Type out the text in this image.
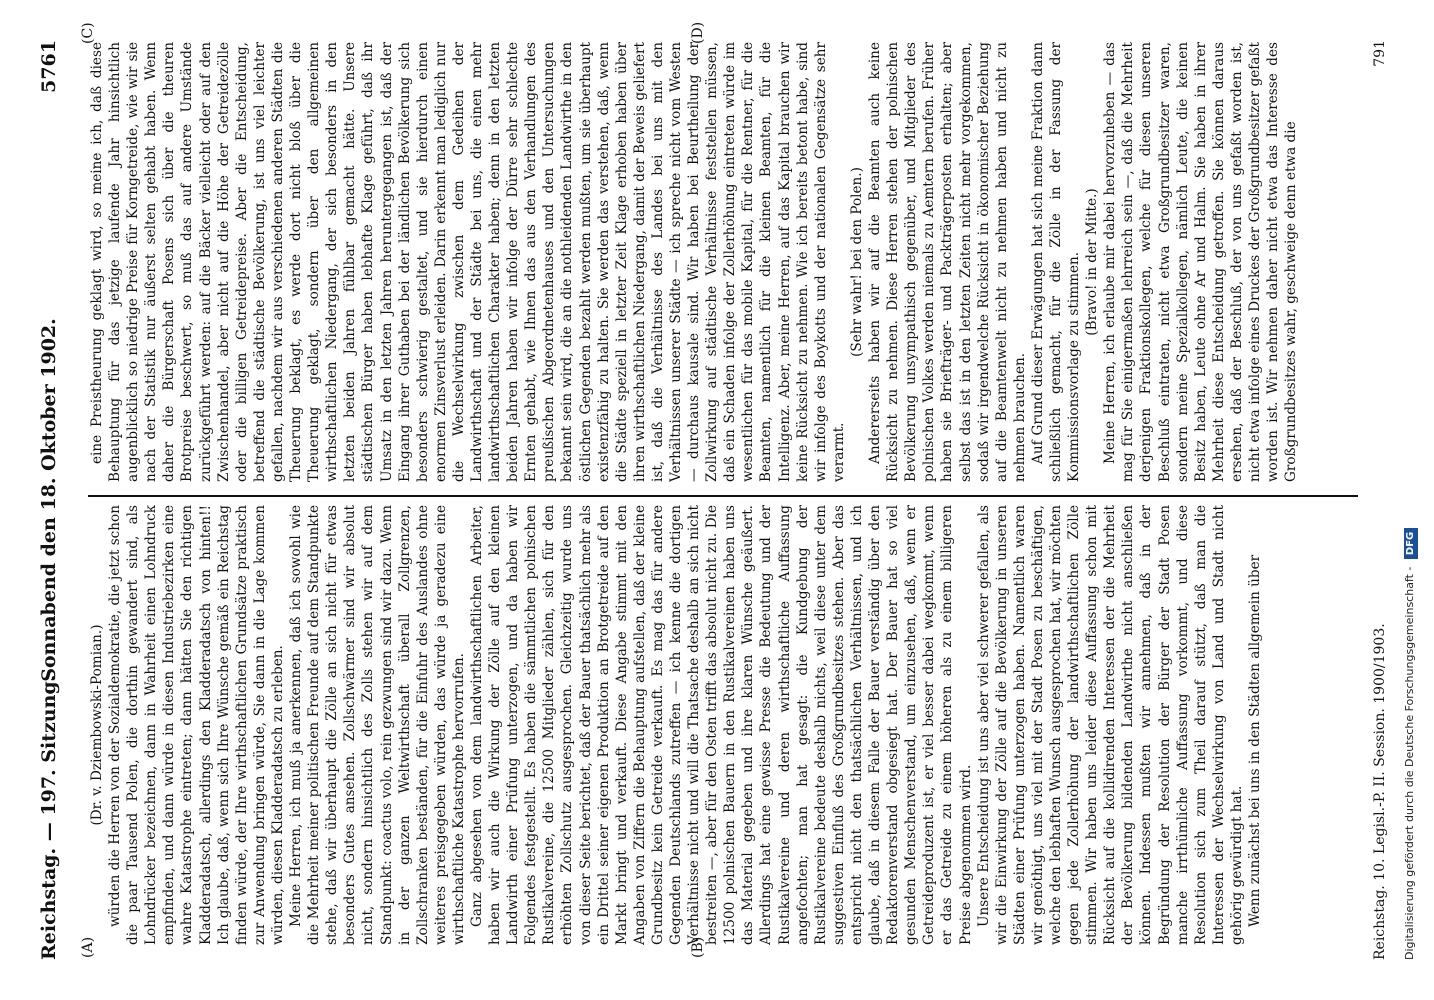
Reichstag. — 197. Sitzung.
Sonnabend den 18. Oktober 1902.
5761
(A)	(B)
(C)	(D)

(Dr. v. Dziembowski-Pomian.) würden die Herren von der Sozialdemokratie, die jetzt schon die paar Tausend Polen, die dorthin gewandert sind, als Lohndrücker bezeichnen, dann in Wahrheit einen Lohndruck empfinden, und dann würde in diesen Industriebezirken eine wahre Katastrophe eintreten; dann hätten Sie den richtigen Kladderadatsch, allerdings den Kladderadatsch von hinten!! Ich glaube, daß, wenn sich Ihre Wünsche gemäß ein Reichstag finden würde, der Ihre wirthschaftlichen Grundsätze praktisch zur Anwendung bringen würde, Sie dann in die Lage kommen würden, diesen Kladderadatsch zu erleben. Meine Herren, ich muß ja anerkennen, daß ich sowohl wie die Mehrheit meiner politischen Freunde auf dem Standpunkte stehe, daß wir überhaupt die Zölle an sich nicht für etwas besonders Gutes ansehen. Zollschwärmer sind wir absolut nicht, sondern hinsichtlich des Zolls stehen wir auf dem Standpunkt: coactus volo, rein gezwungen sind wir dazu. Wenn in der ganzen Weltwirthschaft überall Zollgrenzen, Zollschranken beständen, für die Einfuhr des Auslandes ohne weiteres preisgegeben würden, das würde ja geradezu eine wirthschaftliche Katastrophe hervorrufen. Ganz abgesehen von dem landwirthschaftlichen Arbeiter, haben wir auch die Wirkung der Zölle auf den kleinen Landwirth einer Prüfung unterzogen, und da haben wir Folgendes festgestellt. Es haben die sämmtlichen polnischen Rustikalvereine, die 12500 Mitglieder zählen, sich für den erhöhten Zollschutz ausgesprochen. Gleichzeitig wurde uns von dieser Seite berichtet, daß der Bauer thatsächlich mehr als ein Drittel seiner eigenen Produktion an Brotgetreide auf den Markt bringt und verkauft. Diese Angabe stimmt mit den Angaben von Ziffern die Behauptung aufstellen, daß der kleine Grundbesitz kein Getreide verkauft. Es mag das für andere Gegenden Deutschlands zutreffen — ich kenne die dortigen Verhältnisse nicht und will die Thatsache deshalb an sich nicht bestreiten —, aber für den Osten trifft das absolut nicht zu. Die 12500 polnischen Bauern in den Rustikalvereinen haben uns das Material gegeben und ihre klaren Wünsche geäußert. Allerdings hat eine gewisse Presse die Bedeutung und der Rustikalvereine und deren wirthschaftliche Auffassung angefochten; man hat gesagt: die Kundgebung der Rustikalvereine bedeute deshalb nichts, weil diese unter dem suggestiven Einfluß des Großgrundbesitzes stehen. Aber das entspricht nicht den thatsächlichen Verhältnissen, und ich glaube, daß in diesem Falle der Bauer verständig über den Redaktorenverstand obgesiegt hat. Der Bauer hat so viel gesunden Menschenverstand, um einzusehen, daß, wenn er Getreideproduzent ist, er viel besser dabei wegkommt, wenn er das Getreide zu einem höheren als zu einem billigeren Preise abgenommen wird. Unsere Entscheidung ist uns aber viel schwerer gefallen, als wir die Einwirkung der Zölle auf die Bevölkerung in unseren Städten einer Prüfung unterzogen haben. Namentlich waren wir genöthigt, uns viel mit der Stadt Posen zu beschäftigen, welche den lebhaften Wunsch ausgesprochen hat, wir möchten gegen jede Zollerhöhung der landwirthschaftlichen Zölle stimmen. Wir haben uns leider diese Auffassung schon mit Rücksicht auf die kollidirenden Interessen der die Mehrheit der Bevölkerung bildenden Landwirthe nicht anschließen können. Indessen mußten wir annehmen, daß in der Begründung der Resolution der Bürger der Stadt Posen manche irrthümliche Auffassung vorkommt, und diese Resolution sich zum Theil darauf stützt, daß man die Interessen der Wechselwirkung von Land und Stadt nicht gehörig gewürdigt hat. Wenn zunächst bei uns in den Städten allgemein über

eine Preistheurung geklagt wird, so meine ich, daß diese Behauptung für das jetzige laufende Jahr hinsichtlich augenblicklich so niedrige Preise für Korngetreide, wie wir sie nach der Statistik nur äußerst selten gehabt haben. Wenn daher die Bürgerschaft Posens sich über die theuren Brotpreise beschwert, so muß das auf andere Umstände zurückgeführt werden: auf die Bäcker vielleicht oder auf den Zwischenhandel, aber nicht auf die Höhe der Getreidezölle oder die billigen Getreidepreise. Aber die Entscheidung, betreffend die städtische Bevölkerung, ist uns viel leichter gefallen, nachdem wir aus verschiedenen anderen Städten die Theuerung beklagt, es werde dort nicht bloß über die Theuerung geklagt, sondern über den allgemeinen wirthschaftlichen Niedergang, der sich besonders in den letzten beiden Jahren fühlbar gemacht hätte. Unsere städtischen Bürger haben lebhafte Klage geführt, daß ihr Umsatz in den letzten Jahren heruntergegangen ist, daß der Eingang ihrer Guthaben bei der ländlichen Bevölkerung sich besonders schwierig gestaltet, und sie hierdurch einen enormen Zinsverlust erleiden. Darin erkennt man lediglich nur die Wechselwirkung zwischen dem Gedeihen der Landwirthschaft und der Städte bei uns, die einen mehr landwirthschaftlichen Charakter haben; denn in den letzten beiden Jahren haben wir infolge der Dürre sehr schlechte Ernten gehabt, wie Ihnen das aus den Verhandlungen des preußischen Abgeordnetenhauses und den Untersuchungen bekannt sein wird, die an die nothleidenden Landwirthe in den östlichen Gegenden bezahlt werden mußten, um sie überhaupt existenzfähig zu halten. Sie werden das verstehen, daß, wenn die Städte speziell in letzter Zeit Klage erhoben haben über ihren wirthschaftlichen Niedergang, damit der Beweis geliefert ist, daß die Verhältnisse des Landes bei uns mit den Verhältnissen unserer Städte — ich spreche nicht vom Westen — durchaus kausale sind. Wir haben bei Beurtheilung der Zollwirkung auf städtische Verhältnisse feststellen müssen, daß ein Schaden infolge der Zollerhöhung eintreten würde im wesentlichen für das mobile Kapital, für die Rentner, für die Beamten, namentlich für die kleinen Beamten, für die Intelligenz. Aber, meine Herren, auf das Kapital brauchen wir keine Rücksicht zu nehmen. Wie ich bereits betont habe, sind wir infolge des Boykotts und der nationalen Gegensätze sehr verarmt.

(Sehr wahr! bei den Polen.) Andererseits haben wir auf die Beamten auch keine Rücksicht zu nehmen. Diese Herren stehen der polnischen Bevölkerung unsympathisch gegenüber, und Mitglieder des polnischen Volkes werden niemals zu Aemtern berufen. Früher haben sie Briefträger- und Packträgerposten erhalten; aber selbst das ist in den letzten Zeiten nicht mehr vorgekommen, sodaß wir irgendwelche Rücksicht in ökonomischer Beziehung auf die Beamtenwelt nicht zu nehmen haben und nicht zu nehmen brauchen. Auf Grund dieser Erwägungen hat sich meine Fraktion dann schließlich gemacht, für die Zölle in der Fassung der Kommissionsvorlage zu stimmen. (Bravo! in der Mitte.) Meine Herren, ich erlaube mir dabei hervorzuheben — das mag für Sie einigermaßen lehrreich sein —, daß die Mehrheit derjenigen Fraktionskollegen, welche für diesen unseren Beschluß eintraten, nicht etwa Großgrundbesitzer waren, sondern meine Spezialkollegen, nämlich Leute, die keinen Besitz haben, Leute ohne Ar und Halm. Sie haben in ihrer Mehrheit diese Entscheidung getroffen. Sie können daraus ersehen, daß der Beschluß, der von uns gefaßt worden ist, nicht etwa infolge eines Druckes der Großgrundbesitzer gefaßt worden ist. Wir nehmen daher nicht etwa das Interesse des Großgrundbesitzes wahr, geschweige denn etwa die

Reichstag. 10. Legisl.-P. II. Session. 1900/1903.
791
Digitalisierung gefördert durch die Deutsche Forschungsgemeinschaft - DFG
